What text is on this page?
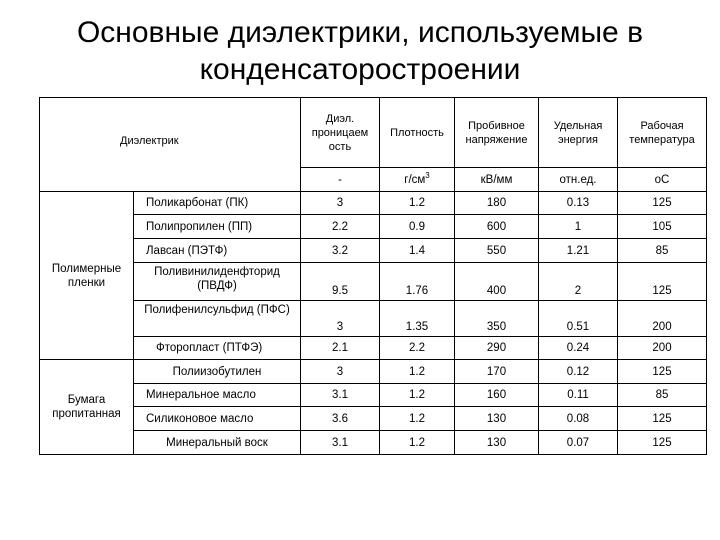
Основные диэлектрики, используемые в
конденсаторостроении
Диэлектрик		Диэл. проницаем ость	Плотность	Пробивное напряжение	Удельная энергия	Рабочая температура
		-	$г/см^3$	кВ/мм	отн.ед.	оС
Полимерные пленки	Поликарбонат (ПК)	3	1.2	180	0.13	125
	Полипропилен (ПП)	2.2	0.9	600	1	105
	Лавсан (ПЭТФ)	3.2	1.4	550	1.21	85
	Поливинилиденфторид (ПВДФ)	9.5	1.76	400	2	125
	Полифенилсульфид (ПФС)	3	1.35	350	0.51	200
	Фторопласт (ПТФЭ)	2.1	2.2	290	0.24	200
Бумага пропитанная	Полиизобутилен	3	1.2	170	0.12	125
	Минеральное масло	3.1	1.2	160	0.11	85
	Силиконовое масло	3.6	1.2	130	0.08	125
	Минеральный воск	3.1	1.2	130	0.07	125
